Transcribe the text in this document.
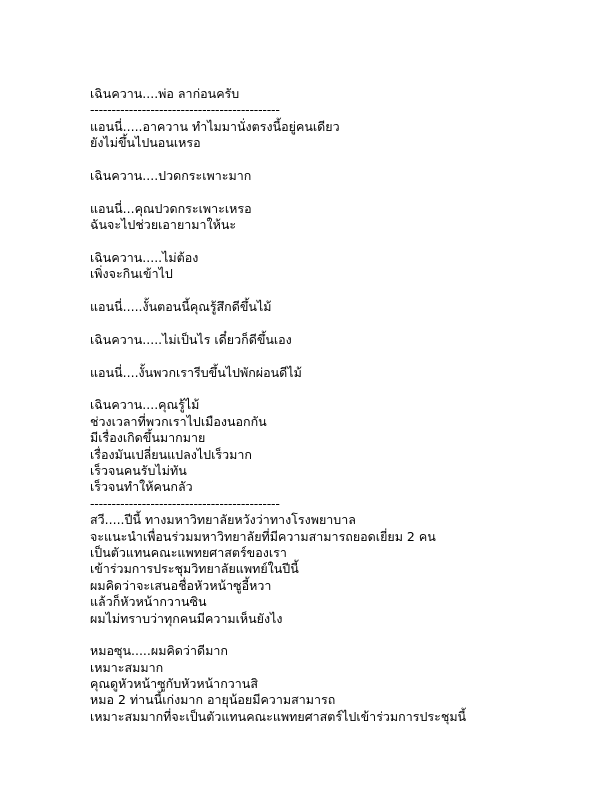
เฉินควาน....พ่อ ลาก่อนครับ
--------------------------------------------
แอนนี่.....อาควาน ทำไมมานั่งตรงนี้อยู่คนเดียว
ยังไม่ขึ้นไปนอนเหรอ
เฉินควาน....ปวดกระเพาะมาก
แอนนี่...คุณปวดกระเพาะเหรอ
ฉันจะไปช่วยเอายามาให้นะ
เฉินควาน.....ไม่ต้อง
เพิ่งจะกินเข้าไป
แอนนี่.....งั้นตอนนี้คุณรู้สึกดีขึ้นไม้
เฉินควาน.....ไม่เป็นไร เดี๋ยวก็ดีขึ้นเอง
แอนนี่....งั้นพวกเรารีบขึ้นไปพักผ่อนดีไม้
เฉินควาน....คุณรู้ไม้
ช่วงเวลาที่พวกเราไปเมืองนอกกัน
มีเรื่องเกิดขึ้นมากมาย
เรื่องมันเปลี่ยนแปลงไปเร็วมาก
เร็วจนคนรับไม่ทัน
เร็วจนทำให้คนกลัว
--------------------------------------------
สวี.....ปีนี้ ทางมหาวิทยาลัยหวังว่าทางโรงพยาบาล
จะแนะนำเพื่อนร่วมมหาวิทยาลัยที่มีความสามารถยอดเยี่ยม 2 คน
เป็นตัวแทนคณะแพทยศาสตร์ของเรา
เข้าร่วมการประชุมวิทยาลัยแพทย์ในปีนี้
ผมคิดว่าจะเสนอชื่อหัวหน้าซูอี้หวา
แล้วก็หัวหน้ากวานซิน
ผมไม่ทราบว่าทุกคนมีความเห็นยังไง
หมอซุน.....ผมคิดว่าดีมาก
เหมาะสมมาก
คุณดูหัวหน้าซูกับหัวหน้ากวานสิ
หมอ 2 ท่านนี้เก่งมาก อายุน้อยมีความสามารถ
เหมาะสมมากที่จะเป็นตัวแทนคณะแพทยศาสตร์ไปเข้าร่วมการประชุมนี้
